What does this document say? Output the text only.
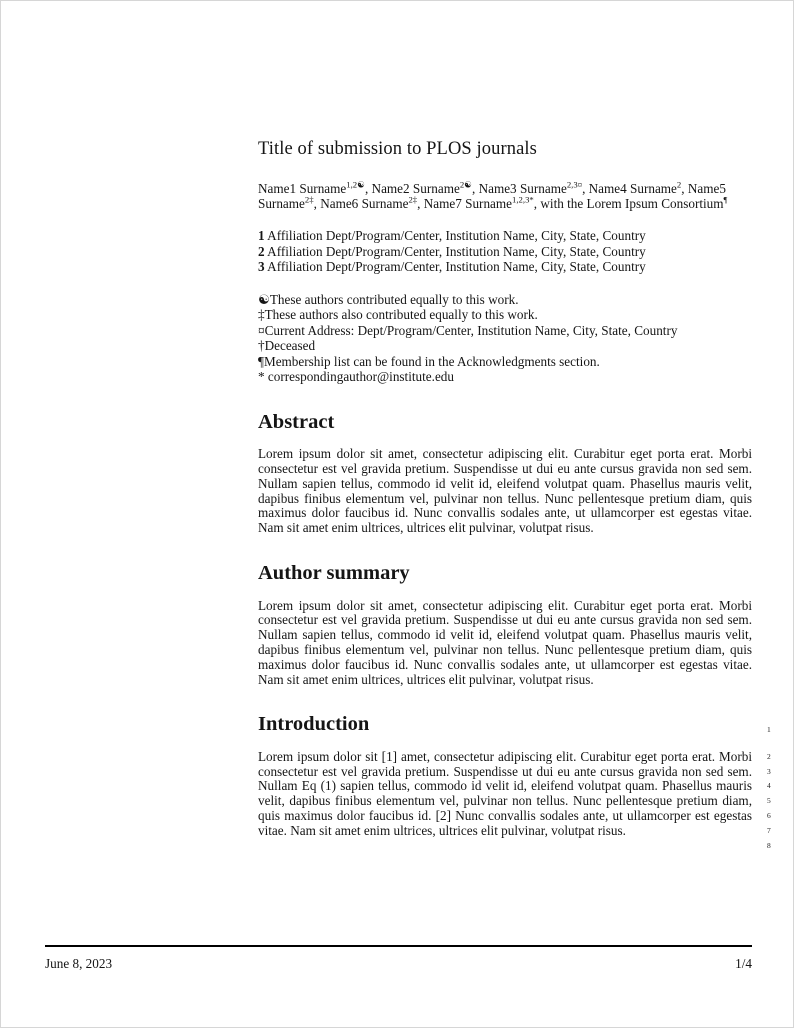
Title of submission to PLOS journals

Name1 Surname$^{1,2☯}$, Name2 Surname$^{2☯}$, Name3 Surname$^{2,3¤}$, Name4 Surname$^2$, Name5 Surname$^{2\ddagger}$, Name6 Surname$^{2\ddagger}$, Name7 Surname$^{1,2,3*}$, with the Lorem Ipsum Consortium¶

1 Affiliation Dept/Program/Center, Institution Name, City, State, Country
2 Affiliation Dept/Program/Center, Institution Name, City, State, Country
3 Affiliation Dept/Program/Center, Institution Name, City, State, Country
☯These authors contributed equally to this work.
‡These authors also contributed equally to this work.
¤Current Address: Dept/Program/Center, Institution Name, City, State, Country
†Deceased
¶Membership list can be found in the Acknowledgments section.
* correspondingauthor@institute.edu
Abstract

Lorem ipsum dolor sit amet, consectetur adipiscing elit. Curabitur eget porta erat. Morbi consectetur est vel gravida pretium. Suspendisse ut dui eu ante cursus gravida non sed sem. Nullam sapien tellus, commodo id velit id, eleifend volutpat quam. Phasellus mauris velit, dapibus finibus elementum vel, pulvinar non tellus. Nunc pellentesque pretium diam, quis maximus dolor faucibus id. Nunc convallis sodales ante, ut ullamcorper est egestas vitae. Nam sit amet enim ultrices, ultrices elit pulvinar, volutpat risus.

Author summary

Lorem ipsum dolor sit amet, consectetur adipiscing elit. Curabitur eget porta erat. Morbi consectetur est vel gravida pretium. Suspendisse ut dui eu ante cursus gravida non sed sem. Nullam sapien tellus, commodo id velit id, eleifend volutpat quam. Phasellus mauris velit, dapibus finibus elementum vel, pulvinar non tellus. Nunc pellentesque pretium diam, quis maximus dolor faucibus id. Nunc convallis sodales ante, ut ullamcorper est egestas vitae. Nam sit amet enim ultrices, ultrices elit pulvinar, volutpat risus.

Introduction	1

Lorem ipsum dolor sit [1] amet, consectetur adipiscing elit. Curabitur eget porta erat. Morbi consectetur est vel gravida pretium. Suspendisse ut dui eu ante cursus gravida non sed sem. Nullam Eq (1) sapien tellus, commodo id velit id, eleifend volutpat quam. Phasellus mauris velit, dapibus finibus elementum vel, pulvinar non tellus. Nunc pellentesque pretium diam, quis maximus dolor faucibus id. [2] Nunc convallis sodales ante, ut ullamcorper est egestas vitae. Nam sit amet enim ultrices, ultrices elit pulvinar, volutpat risus.

2
3
4
5
6
7
8
June 8, 2023	1/4
